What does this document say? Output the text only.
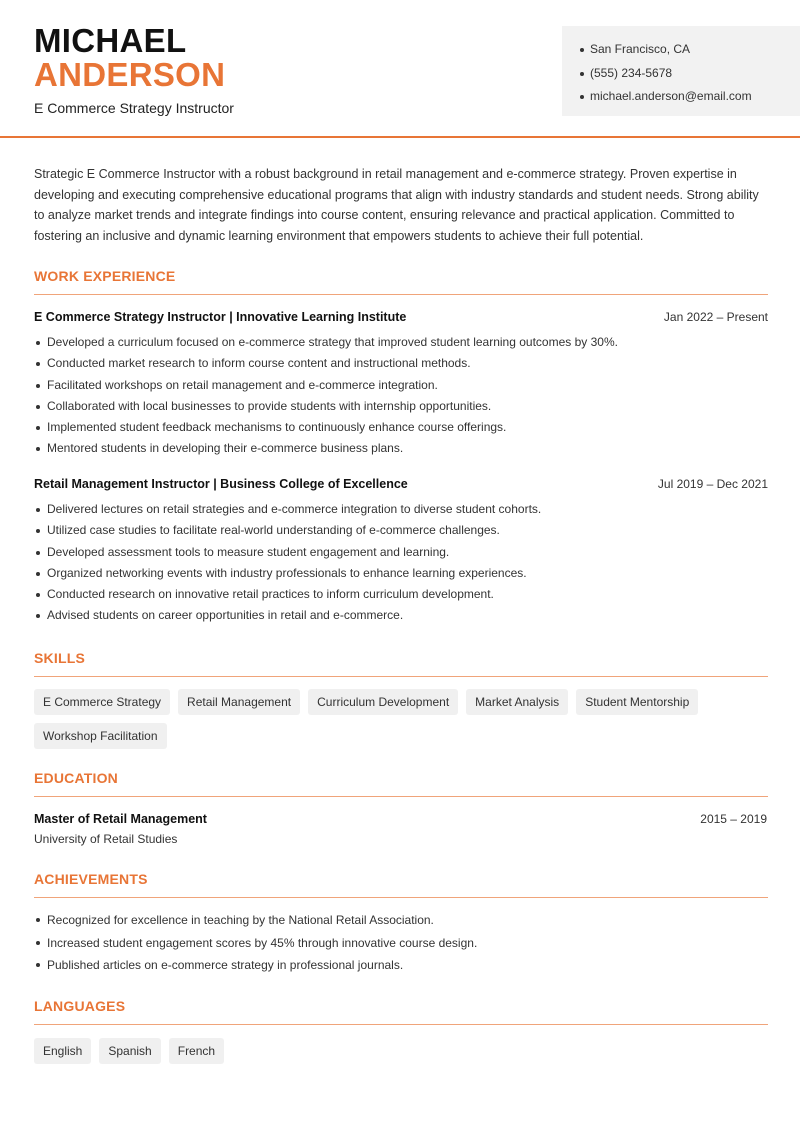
MICHAEL
ANDERSON
E Commerce Strategy Instructor
San Francisco, CA
(555) 234-5678
michael.anderson@email.com

Strategic E Commerce Instructor with a robust background in retail management and e-commerce strategy. Proven expertise in developing and executing comprehensive educational programs that align with industry standards and student needs. Strong ability to analyze market trends and integrate findings into course content, ensuring relevance and practical application. Committed to fostering an inclusive and dynamic learning environment that empowers students to achieve their full potential.

WORK EXPERIENCE
E Commerce Strategy Instructor | Innovative Learning Institute	Jan 2022 – Present
Developed a curriculum focused on e-commerce strategy that improved student learning outcomes by 30%.
Conducted market research to inform course content and instructional methods.
Facilitated workshops on retail management and e-commerce integration.
Collaborated with local businesses to provide students with internship opportunities.
Implemented student feedback mechanisms to continuously enhance course offerings.
Mentored students in developing their e-commerce business plans.
Retail Management Instructor | Business College of Excellence	Jul 2019 – Dec 2021
Delivered lectures on retail strategies and e-commerce integration to diverse student cohorts.
Utilized case studies to facilitate real-world understanding of e-commerce challenges.
Developed assessment tools to measure student engagement and learning.
Organized networking events with industry professionals to enhance learning experiences.
Conducted research on innovative retail practices to inform curriculum development.
Advised students on career opportunities in retail and e-commerce.
SKILLS
E Commerce Strategy	Retail Management	Curriculum Development	Market Analysis	Student Mentorship
Workshop Facilitation
EDUCATION
Master of Retail Management	2015 – 2019
University of Retail Studies
ACHIEVEMENTS
Recognized for excellence in teaching by the National Retail Association.
Increased student engagement scores by 45% through innovative course design.
Published articles on e-commerce strategy in professional journals.
LANGUAGES
English	Spanish	French
